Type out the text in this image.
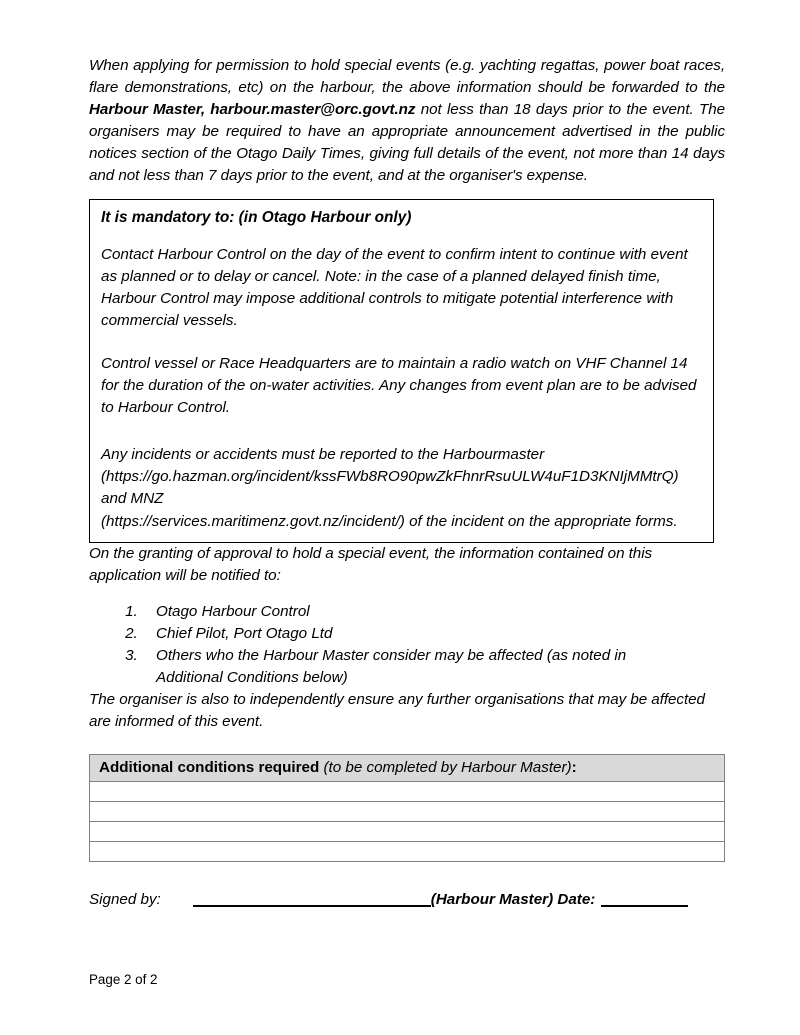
When applying for permission to hold special events (e.g. yachting regattas, power boat races, flare demonstrations, etc) on the harbour, the above information should be forwarded to the Harbour Master, harbour.master@orc.govt.nz not less than 18 days prior to the event. The organisers may be required to have an appropriate announcement advertised in the public notices section of the Otago Daily Times, giving full details of the event, not more than 14 days and not less than 7 days prior to the event, and at the organiser's expense.

It is mandatory to: (in Otago Harbour only)

Contact Harbour Control on the day of the event to confirm intent to continue with event as planned or to delay or cancel. Note: in the case of a planned delayed finish time, Harbour Control may impose additional controls to mitigate potential interference with commercial vessels.

Control vessel or Race Headquarters are to maintain a radio watch on VHF Channel 14 for the duration of the on-water activities. Any changes from event plan are to be advised to Harbour Control.

Any incidents or accidents must be reported to the Harbourmaster
(https://go.hazman.org/incident/kssFWb8RO90pwZkFhnrRsuULW4uF1D3KNIjMMtrQ)
and MNZ
(https://services.maritimenz.govt.nz/incident/) of the incident on the appropriate forms.

On the granting of approval to hold a special event, the information contained on this application will be notified to:

1. Otago Harbour Control
2. Chief Pilot, Port Otago Ltd
3. Others who the Harbour Master consider may be affected (as noted in
Additional Conditions below)

The organiser is also to independently ensure any further organisations that may be affected are informed of this event.

Additional conditions required (to be completed by Harbour Master):

Signed by:	(Harbour Master) Date:
Page 2 of 2
